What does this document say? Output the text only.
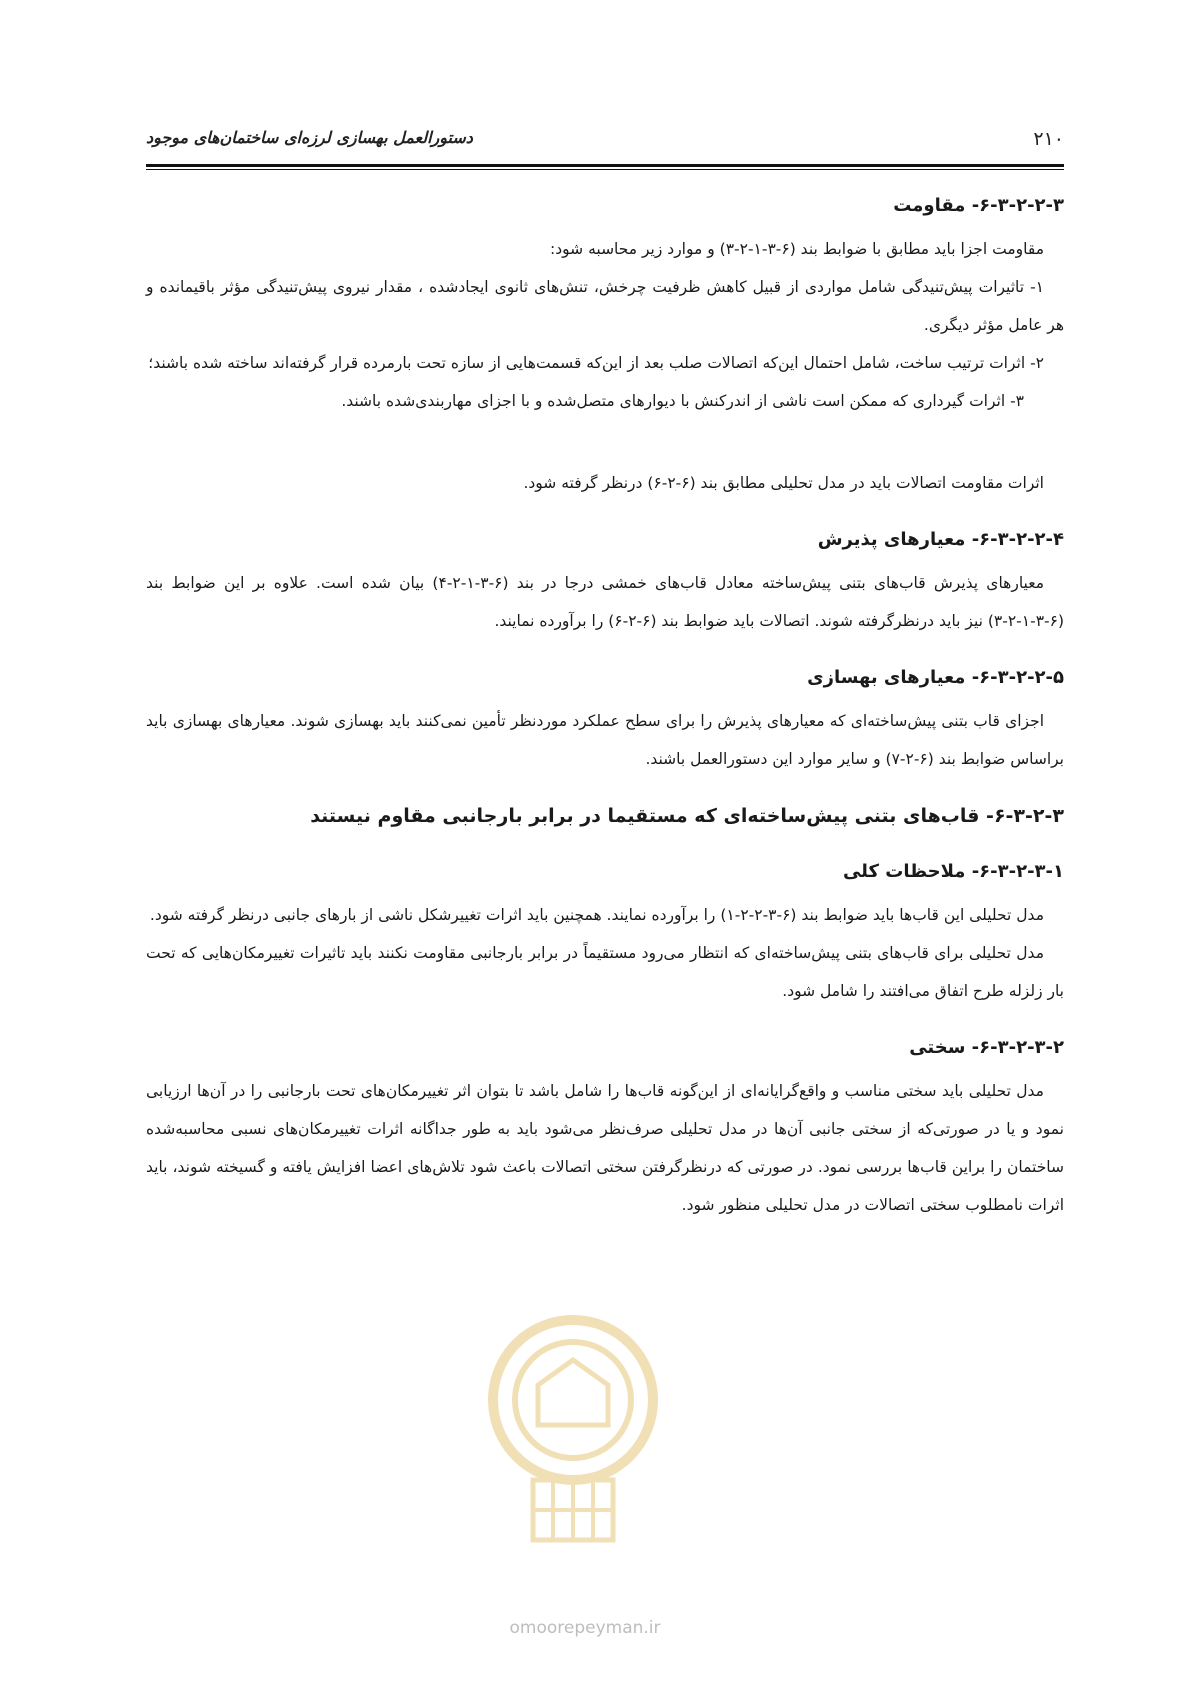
۲۱۰
دستورالعمل بهسازی لرزه‌ای ساختمان‌های موجود
۶-۳-۲-۲-۳- مقاومت

مقاومت اجزا باید مطابق با ضوابط بند (۶-۳-۱-۲-۳) و موارد زیر محاسبه شود:

۱- تاثیرات پیش‌تنیدگی شامل مواردی از قبیل کاهش ظرفیت چرخش، تنش‌های ثانوی ایجادشده ، مقدار نیروی پیش‌تنیدگی مؤثر باقیمانده و هر عامل مؤثر دیگری.

۲- اثرات ترتیب ساخت، شامل احتمال این‌که اتصالات صلب بعد از این‌که قسمت‌هایی از سازه تحت بارمرده قرار گرفته‌اند ساخته شده باشند؛

۳- اثرات گیرداری که ممکن است ناشی از اندرکنش با دیوارهای متصل‌شده و با اجزای مهاربندی‌شده باشند.

اثرات مقاومت اتصالات باید در مدل تحلیلی مطابق بند (۶-۲-۶) درنظر گرفته شود.

۶-۳-۲-۲-۴- معیارهای پذیرش

معیارهای پذیرش قاب‌های بتنی پیش‌ساخته معادل قاب‌های خمشی درجا در بند (۶-۳-۱-۲-۴) بیان شده است. علاوه بر این ضوابط بند (۶-۳-۱-۲-۳) نیز باید درنظرگرفته شوند. اتصالات باید ضوابط بند (۶-۲-۶) را برآورده نمایند.

۶-۳-۲-۲-۵- معیارهای بهسازی

اجزای قاب بتنی پیش‌ساخته‌ای که معیارهای پذیرش را برای سطح عملکرد موردنظر تأمین نمی‌کنند باید بهسازی شوند. معیارهای بهسازی باید براساس ضوابط بند (۶-۲-۷) و سایر موارد این دستورالعمل باشند.

۶-۳-۲-۳- قاب‌های بتنی پیش‌ساخته‌ای که مستقیما در برابر بارجانبی مقاوم نیستند
۶-۳-۲-۳-۱- ملاحظات کلی

مدل تحلیلی این قاب‌ها باید ضوابط بند (۶-۳-۲-۲-۱) را برآورده نمایند. همچنین باید اثرات تغییرشکل ناشی از بارهای جانبی درنظر گرفته شود.

مدل تحلیلی برای قاب‌های بتنی پیش‌ساخته‌ای که انتظار می‌رود مستقیماً در برابر بارجانبی مقاومت نکنند باید تاثیرات تغییرمکان‌هایی که تحت بار زلزله طرح اتفاق می‌افتند را شامل شود.

۶-۳-۲-۳-۲- سختی

مدل تحلیلی باید سختی مناسب و واقع‌گرایانه‌ای از این‌گونه قاب‌ها را شامل باشد تا بتوان اثر تغییرمکان‌های تحت بارجانبی را در آن‌ها ارزیابی نمود و یا در صورتی‌که از سختی جانبی آن‌ها در مدل تحلیلی صرف‌نظر می‌شود باید به طور جداگانه اثرات تغییرمکان‌های نسبی محاسبه‌شده ساختمان را براین قاب‌ها بررسی نمود. در صورتی که درنظرگرفتن سختی اتصالات باعث شود تلاش‌های اعضا افزایش یافته و گسیخته شوند، باید اثرات نامطلوب سختی اتصالات در مدل تحلیلی منظور شود.

omoorepeyman.ir
